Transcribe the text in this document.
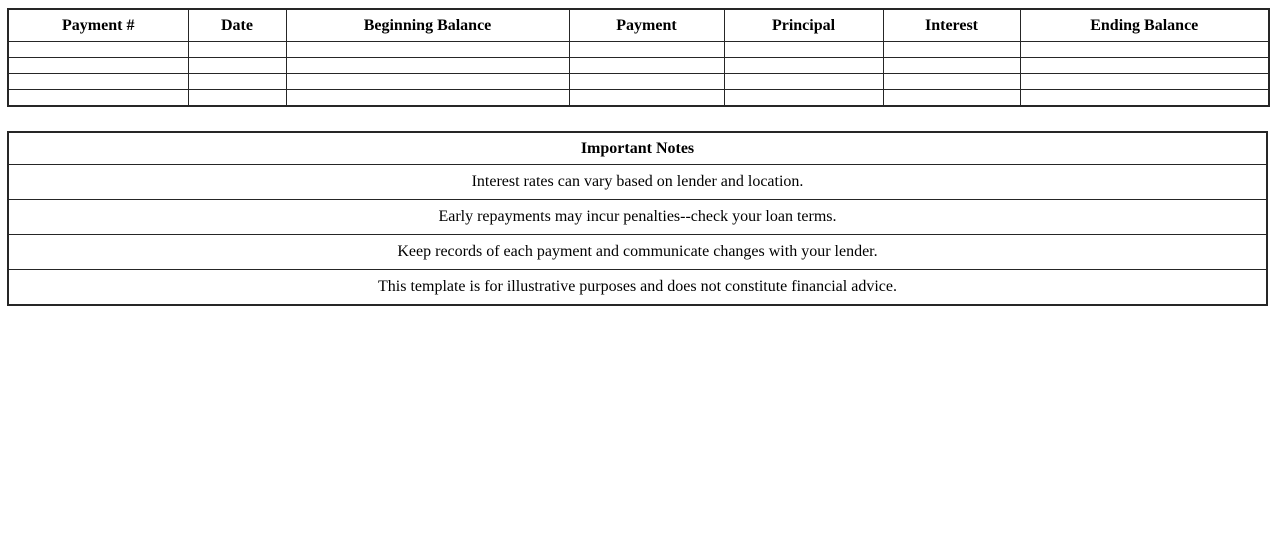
Payment #	Date	Beginning Balance	Payment	Principal	Interest	Ending Balance

Important Notes
Interest rates can vary based on lender and location.
Early repayments may incur penalties--check your loan terms.
Keep records of each payment and communicate changes with your lender.
This template is for illustrative purposes and does not constitute financial advice.
